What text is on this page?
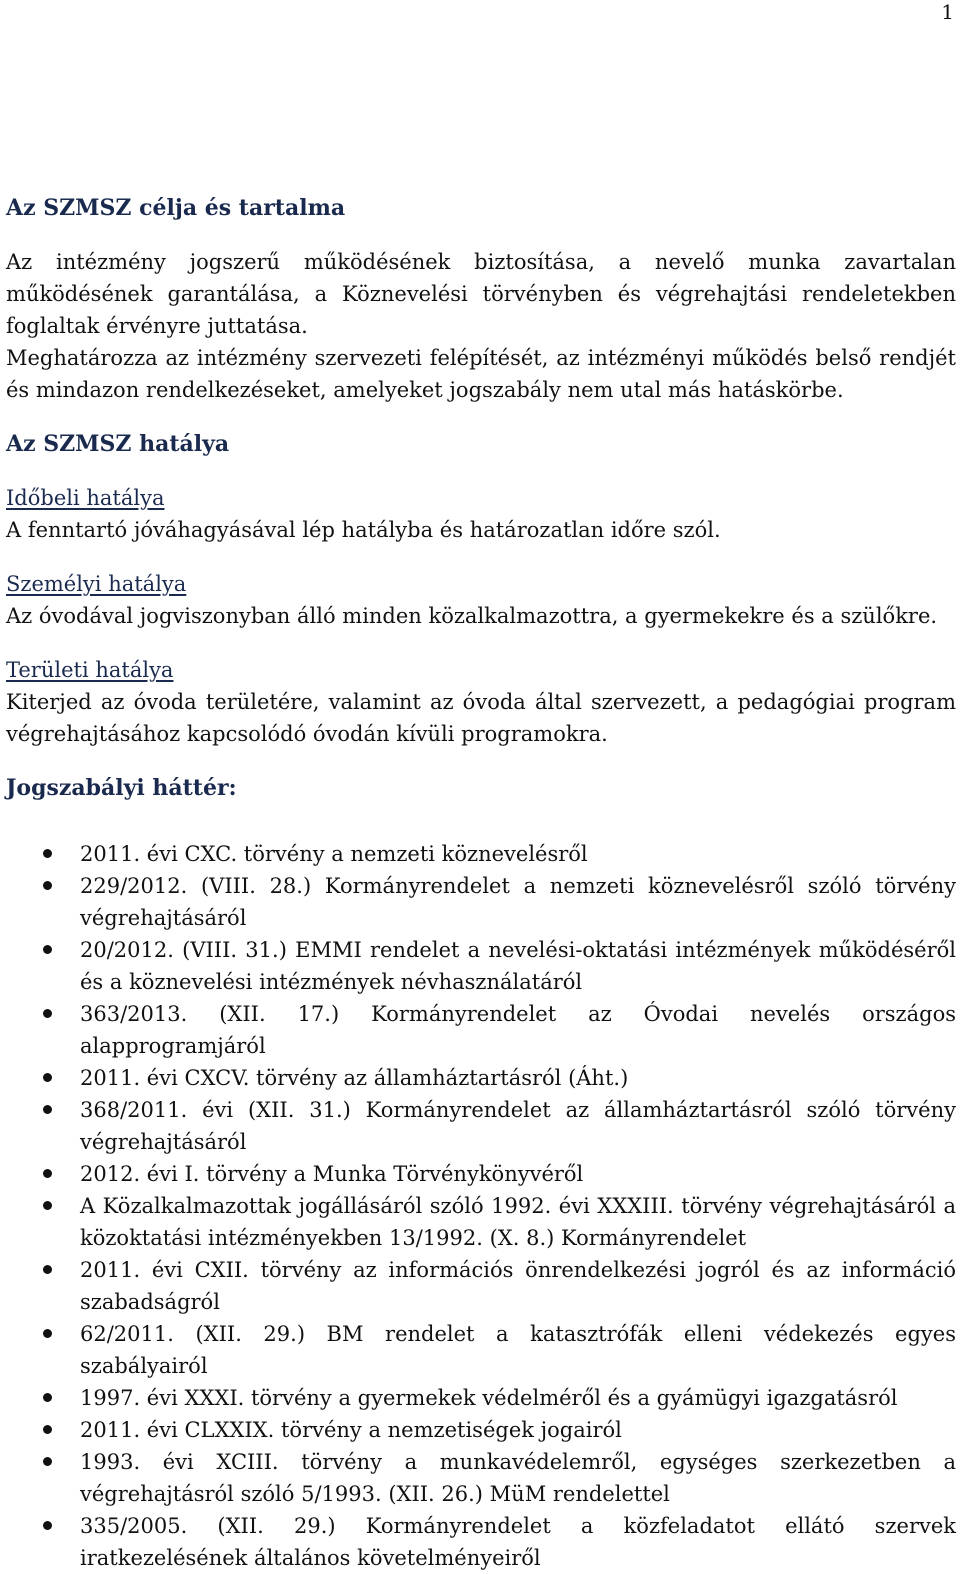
1
Az SZMSZ célja és tartalma

Az intézmény jogszerű működésének biztosítása, a nevelő munka zavartalan működésének garantálása, a Köznevelési törvényben és végrehajtási rendeletekben foglaltak érvényre juttatása.

Meghatározza az intézmény szervezeti felépítését, az intézményi működés belső rendjét és mindazon rendelkezéseket, amelyeket jogszabály nem utal más hatáskörbe.

Az SZMSZ hatálya

Időbeli hatálya

A fenntartó jóváhagyásával lép hatályba és határozatlan időre szól.

Személyi hatálya

Az óvodával jogviszonyban álló minden közalkalmazottra, a gyermekekre és a szülőkre.

Területi hatálya

Kiterjed az óvoda területére, valamint az óvoda által szervezett, a pedagógiai program végrehajtásához kapcsolódó óvodán kívüli programokra.

Jogszabályi háttér:
2011. évi CXC. törvény a nemzeti köznevelésről
229/2012. (VIII. 28.) Kormányrendelet a nemzeti köznevelésről szóló törvény végrehajtásáról
20/2012. (VIII. 31.) EMMI rendelet a nevelési-oktatási intézmények működéséről és a köznevelési intézmények névhasználatáról
363/2013. (XII. 17.) Kormányrendelet az Óvodai nevelés országos alapprogramjáról
2011. évi CXCV. törvény az államháztartásról (Áht.)
368/2011. évi (XII. 31.) Kormányrendelet az államháztartásról szóló törvény végrehajtásáról
2012. évi I. törvény a Munka Törvénykönyvéről
A Közalkalmazottak jogállásáról szóló 1992. évi XXXIII. törvény végrehajtásáról a közoktatási intézményekben 13/1992. (X. 8.) Kormányrendelet
2011. évi CXII. törvény az információs önrendelkezési jogról és az információ szabadságról
62/2011. (XII. 29.) BM rendelet a katasztrófák elleni védekezés egyes szabályairól
1997. évi XXXI. törvény a gyermekek védelméről és a gyámügyi igazgatásról
2011. évi CLXXIX. törvény a nemzetiségek jogairól
1993. évi XCIII. törvény a munkavédelemről, egységes szerkezetben a végrehajtásról szóló 5/1993. (XII. 26.) MüM rendelettel
335/2005. (XII. 29.) Kormányrendelet a közfeladatot ellátó szervek iratkezelésének általános követelményeiről
